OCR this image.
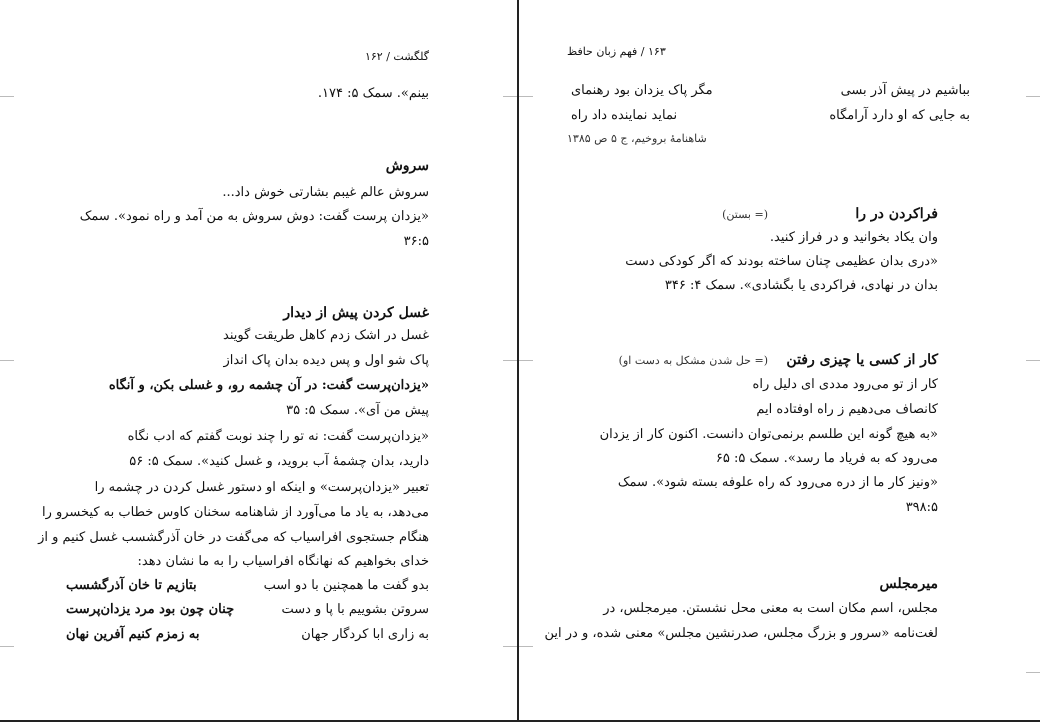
گلگشت / ۱۶۲
بینم». سمک ۵: ۱۷۴.
سروش
سروش عالم غیبم بشارتی خوش داد...
«یزدان پرست گفت: دوش سروش به من آمد و راه نمود». سمک
۳۶:۵
غسل کردن پیش از دیدار
غسل در اشک زدم کاهل طریقت گویند
پاک شو اول و پس دیده بدان پاک انداز
«یزدان‌پرست گفت: در آن چشمه رو، و غسلی بکن، و آنگاه
پیش من آی». سمک ۵: ۳۵
«یزدان‌پرست گفت: نه تو را چند نوبت گفتم که ادب نگاه
دارید، بدان چشمهٔ آب بروید، و غسل کنید». سمک ۵: ۵۶
تعبیر «یزدان‌پرست» و اینکه او دستور غسل کردن در چشمه را
می‌دهد، به یاد ما می‌آورد از شاهنامه سخنان کاوس خطاب به کیخسرو را
هنگام جستجوی افراسیاب که می‌گفت در خان آذرگشسب غسل کنیم و از
خدای بخواهیم که نهانگاه افراسیاب را به ما نشان دهد:
بدو گفت ما همچنین با دو اسب
بتازیم تا خان آذرگشسب
سروتن بشوییم با پا و دست
چنان چون بود مرد یزدان‌پرست
به زاری ابا کردگار جهان
به زمزم کنیم آفرین نهان
۱۶۳ / فهم زبان حافظ
بباشیم در پیش آذر بسی
مگر پاک یزدان بود رهنمای
به جایی که او دارد آرامگاه
نماید نماینده داد راه
شاهنامهٔ بروخیم، ج ۵ ص ۱۳۸۵
فراکردن در را
(= بستن)
وان یکاد بخوانید و در فراز کنید.
«دری بدان عظیمی چنان ساخته بودند که اگر کودکی دست
بدان در نهادی، فراکردی یا بگشادی». سمک ۴: ۳۴۶
کار از کسی یا چیزی رفتن
(= حل شدن مشکل به دست او)
کار از تو می‌رود مددی ای دلیل راه
کانصاف می‌دهیم ز راه اوفتاده ایم
«به هیچ گونه این طلسم برنمی‌توان دانست. اکنون کار از یزدان
می‌رود که به فریاد ما رسد». سمک ۵: ۶۵
«ونیز کار ما از دره می‌رود که راه علوفه بسته شود». سمک
۳۹۸:۵
میرمجلس
مجلس، اسم مکان است به معنی محل نشستن. میرمجلس، در
لغت‌نامه «سرور و بزرگ مجلس، صدرنشین مجلس» معنی شده، و در این
